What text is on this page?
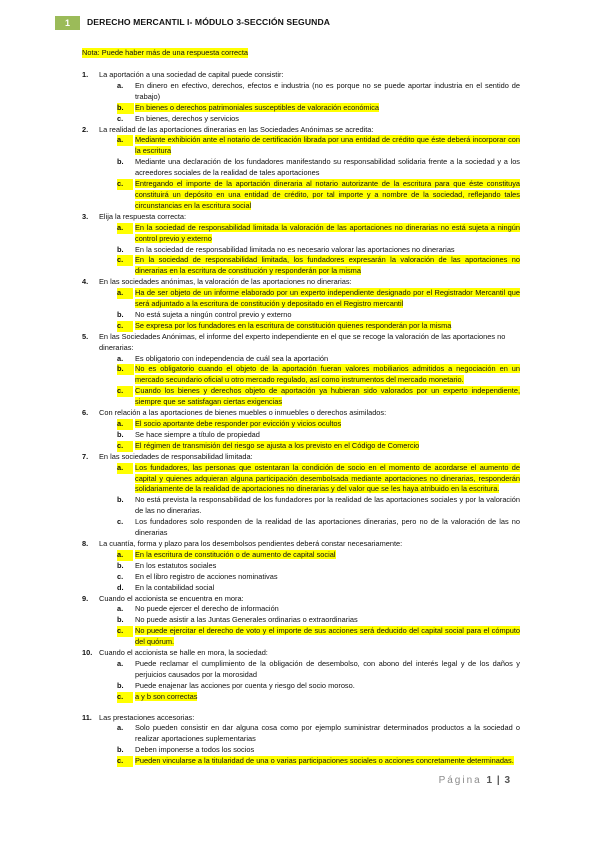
1	DERECHO MERCANTIL I- MÓDULO 3-SECCIÓN SEGUNDA
Nota: Puede haber más de una respuesta correcta
1. La aportación a una sociedad de capital puede consistir:
a. En dinero en efectivo, derechos, efectos e industria (no es porque no se puede aportar industria en el sentido de trabajo)
b.	En bienes o derechos patrimoniales susceptibles de valoración económica
c. En bienes, derechos y servicios
2. La realidad de las aportaciones dinerarias en las Sociedades Anónimas se acredita:
a.	Mediante exhibición ante el notario de certificación librada por una entidad de crédito que éste deberá incorporar con la escritura
b. Mediante una declaración de los fundadores manifestando su responsabilidad solidaria frente a la sociedad y a los acreedores sociales de la realidad de tales aportaciones
c.	Entregando el importe de la aportación dineraria al notario autorizante de la escritura para que éste constituya constituirá un depósito en una entidad de crédito, por tal importe y a nombre de la sociedad, reflejando tales circunstancias en la escritura social
3. Elija la respuesta correcta:
a.	En la sociedad de responsabilidad limitada la valoración de las aportaciones no dinerarias no está sujeta a ningún control previo y externo
b. En la sociedad de responsabilidad limitada no es necesario valorar las aportaciones no dinerarias
c.	En la sociedad de responsabilidad limitada, los fundadores expresarán la valoración de las aportaciones no dinerarias en la escritura de constitución y responderán por la misma
4. En las sociedades anónimas, la valoración de las aportaciones no dinerarias:
a.	Ha de ser objeto de un informe elaborado por un experto independiente designado por el Registrador Mercantil que será adjuntado a la escritura de constitución y depositado en el Registro mercantil
b. No está sujeta a ningún control previo y externo
c.	Se expresa por los fundadores en la escritura de constitución quienes responderán por la misma
5. En las Sociedades Anónimas, el informe del experto independiente en el que se recoge la valoración de las aportaciones no dinerarias:
a. Es obligatorio con independencia de cuál sea la aportación
b.	No es obligatorio cuando el objeto de la aportación fueran valores mobiliarios admitidos a negociación en un mercado secundario oficial u otro mercado regulado, así como instrumentos del mercado monetario.
c.	Cuando los bienes y derechos objeto de aportación ya hubieran sido valorados por un experto independiente, siempre que se satisfagan ciertas exigencias
6. Con relación a las aportaciones de bienes muebles o inmuebles o derechos asimilados:
a.	El socio aportante debe responder por evicción y vicios ocultos
b. Se hace siempre a título de propiedad
c.	El régimen de transmisión del riesgo se ajusta a los previsto en el Código de Comercio
7. En las sociedades de responsabilidad limitada:
a.	Los fundadores, las personas que ostentaran la condición de socio en el momento de acordarse el aumento de capital y quienes adquieran alguna participación desembolsada mediante aportaciones no dinerarias, responderán solidariamente de la realidad de aportaciones no dinerarias y del valor que se les haya atribuido en la escritura.
b. No está prevista la responsabilidad de los fundadores por la realidad de las aportaciones sociales y por la valoración de las no dinerarias.
c. Los fundadores solo responden de la realidad de las aportaciones dinerarias, pero no de la valoración de las no dinerarias
8. La cuantía, forma y plazo para los desembolsos pendientes deberá constar necesariamente:
a.	En la escritura de constitución o de aumento de capital social
b. En los estatutos sociales
c. En el libro registro de acciones nominativas
d. En la contabilidad social
9. Cuando el accionista se encuentra en mora:
a. No puede ejercer el derecho de información
b. No puede asistir a las Juntas Generales ordinarias o extraordinarias
c.	No puede ejercitar el derecho de voto y el importe de sus acciones será deducido del capital social para el cómputo del quórum.
10. Cuando el accionista se halle en mora, la sociedad:
a. Puede reclamar el cumplimiento de la obligación de desembolso, con abono del interés legal y de los daños y perjuicios causados por la morosidad
b. Puede enajenar las acciones por cuenta y riesgo del socio moroso.
c.	a y b son correctas
11. Las prestaciones accesorias:
a. Solo pueden consistir en dar alguna cosa como por ejemplo suministrar determinados productos a la sociedad o realizar aportaciones suplementarias
b. Deben imponerse a todos los socios
c.	Pueden vincularse a la titularidad de una o varias participaciones sociales o acciones concretamente determinadas.
Página 1 | 3
